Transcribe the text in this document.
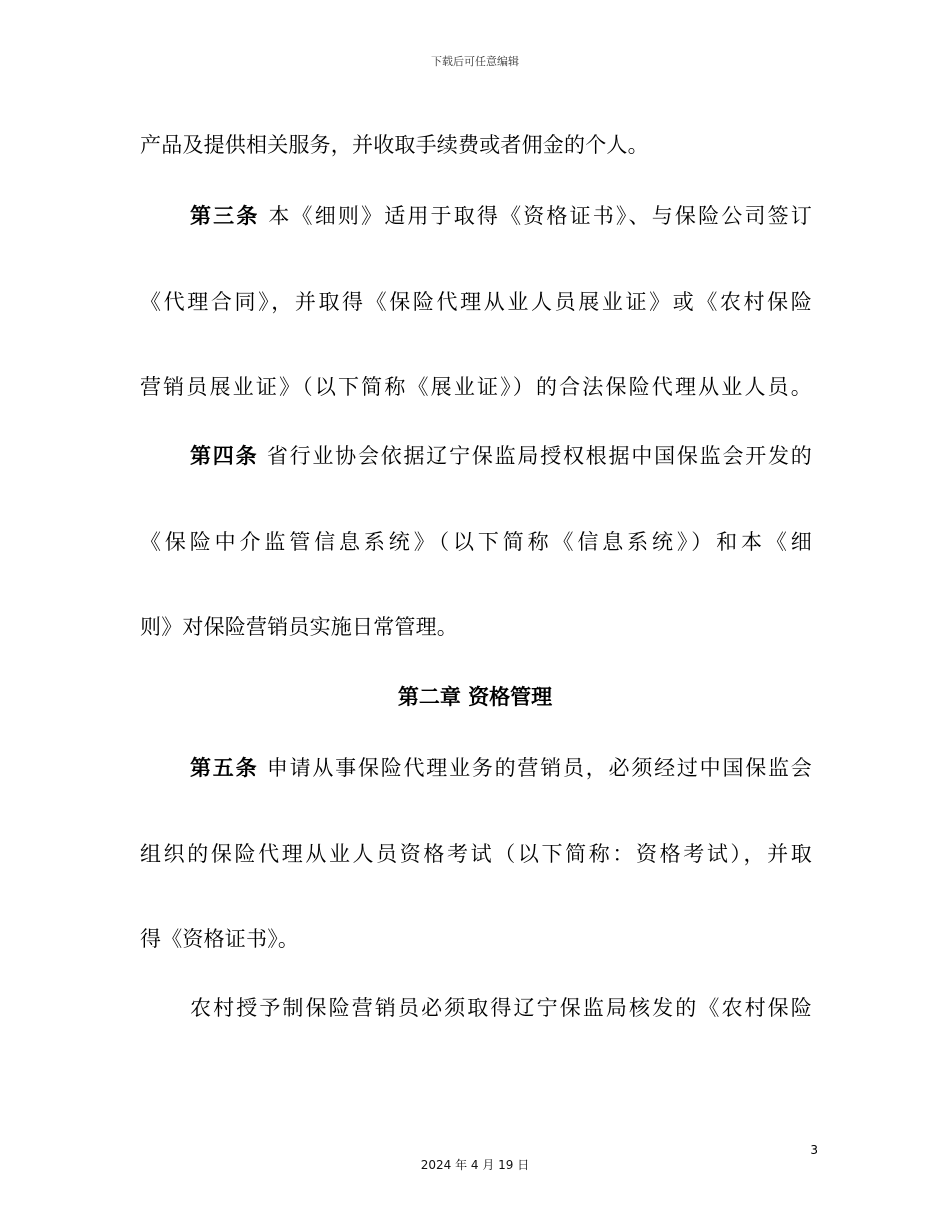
下载后可任意编辑
产品及提供相关服务，并收取手续费或者佣金的个人。
第三条 本《细则》适用于取得《资格证书》、与保险公司签订
《代理合同》，并取得《保险代理从业人员展业证》或《农村保险
营销员展业证》（以下简称《展业证》）的合法保险代理从业人员。
第四条 省行业协会依据辽宁保监局授权根据中国保监会开发的
《保险中介监管信息系统》（以下简称《信息系统》）和本《细
则》对保险营销员实施日常管理。
第二章 资格管理
第五条 申请从事保险代理业务的营销员，必须经过中国保监会
组织的保险代理从业人员资格考试（以下简称：资格考试），并取
得《资格证书》。
农村授予制保险营销员必须取得辽宁保监局核发的《农村保险
3
2024 年 4 月 19 日
